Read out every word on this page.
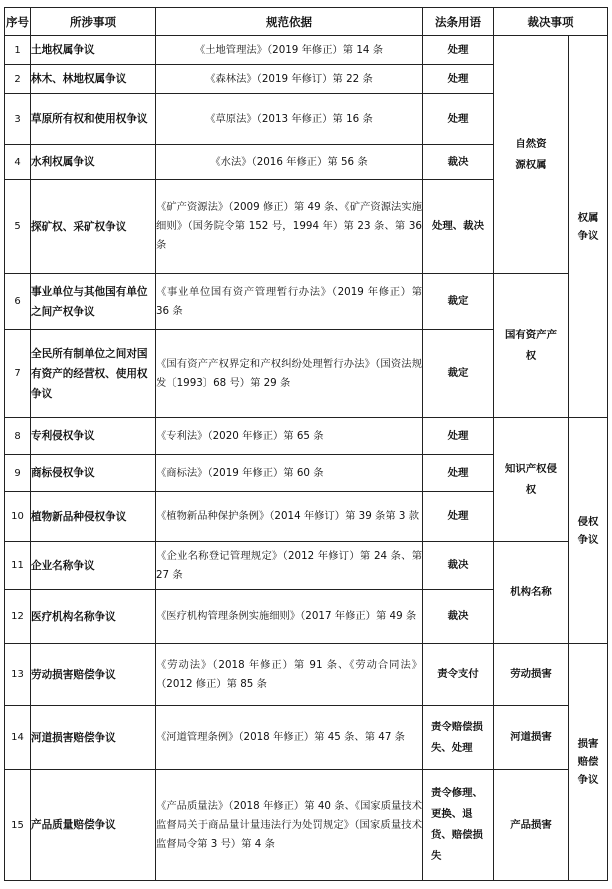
序号	所涉事项	规范依据	法条用语	裁决事项	
1	土地权属争议	《土地管理法》（2019 年修正）第 14 条	处理	自然资源权属	权属争议
2	林木、林地权属争议	《森林法》（2019 年修订）第 22 条	处理		
3	草原所有权和使用权争议	《草原法》（2013 年修正）第 16 条	处理		
4	水利权属争议	《水法》（2016 年修正）第 56 条	裁决		
5	探矿权、采矿权争议	《矿产资源法》（2009 修正）第 49 条、《矿产资源法实施细则》（国务院令第 152 号，1994 年）第 23 条、第 36 条	处理、裁决		
6	事业单位与其他国有单位之间产权争议	《事业单位国有资产管理暂行办法》（2019 年修正）第 36 条	裁定	国有资产产权	
7	全民所有制单位之间对国有资产的经营权、使用权争议	《国有资产产权界定和产权纠纷处理暂行办法》（国资法规发〔1993〕68 号）第 29 条	裁定		
8	专利侵权争议	《专利法》（2020 年修正）第 65 条	处理	知识产权侵权	侵权争议
9	商标侵权争议	《商标法》（2019 年修正）第 60 条	处理		
10	植物新品种侵权争议	《植物新品种保护条例》（2014 年修订）第 39 条第 3 款	处理		
11	企业名称争议	《企业名称登记管理规定》（2012 年修订）第 24 条、第 27 条	裁决	机构名称	
12	医疗机构名称争议	《医疗机构管理条例实施细则》（2017 年修正）第 49 条	裁决		
13	劳动损害赔偿争议	《劳动法》（2018 年修正）第 91 条、《劳动合同法》（2012 修正）第 85 条	责令支付	劳动损害	损害赔偿争议
14	河道损害赔偿争议	《河道管理条例》（2018 年修正）第 45 条、第 47 条	责令赔偿损失、处理	河道损害	
15	产品质量赔偿争议	《产品质量法》（2018 年修正）第 40 条、《国家质量技术监督局关于商品量计量违法行为处罚规定》（国家质量技术监督局令第 3 号）第 4 条	责令修理、更换、退货、赔偿损失	产品损害	
